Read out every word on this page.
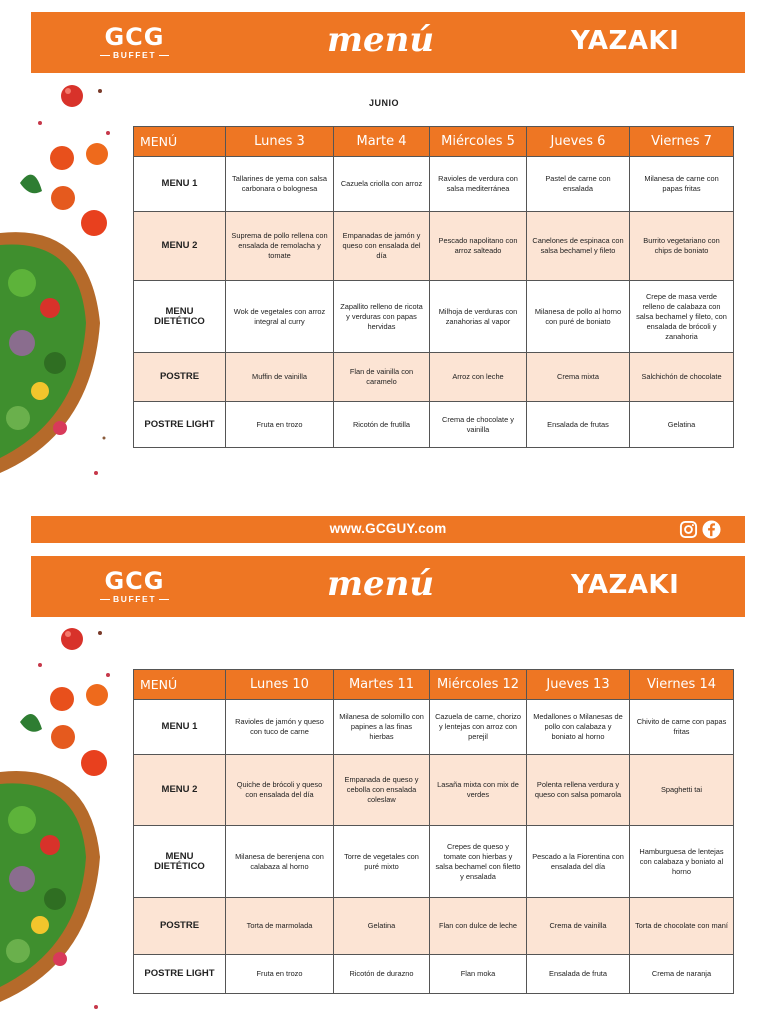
GCG
BUFFET	menú	YAZAKI
JUNIO
MENÚ	Lunes 3	Marte 4	Miércoles 5	Jueves 6	Viernes 7
MENU 1	Tallarines de yema con salsa carbonara o bolognesa	Cazuela criolla con arroz	Ravioles de verdura con salsa mediterránea	Pastel de carne con ensalada	Milanesa de carne con papas fritas
MENU 2	Suprema de pollo rellena con ensalada de remolacha y tomate	Empanadas de jamón y queso con ensalada del día	Pescado napolitano con arroz salteado	Canelones de espinaca con salsa bechamel y fileto	Burrito vegetariano con chips de boniato
MENU DIETÉTICO	Wok de vegetales con arroz integral al curry	Zapallito relleno de ricota y verduras con papas hervidas	Milhoja de verduras con zanahorias al vapor	Milanesa de pollo al horno con puré de boniato	Crepe de masa verde relleno de calabaza con salsa bechamel y fileto, con ensalada de brócoli y zanahoria
POSTRE	Muffin de vainilla	Flan de vainilla con caramelo	Arroz con leche	Crema mixta	Salchichón de chocolate
POSTRE LIGHT	Fruta en trozo	Ricotón de frutilla	Crema de chocolate y vainilla	Ensalada de frutas	Gelatina
www.GCGUY.com
GCG
BUFFET	menú	YAZAKI
MENÚ	Lunes 10	Martes 11	Miércoles 12	Jueves 13	Viernes 14
MENU 1	Ravioles de jamón y queso con tuco de carne	Milanesa de solomillo con papines a las finas hierbas	Cazuela de carne, chorizo y lentejas con arroz con perejil	Medallones o Milanesas de pollo con calabaza y boniato al horno	Chivito de carne con papas fritas
MENU 2	Quiche de brócoli y queso con ensalada del día	Empanada de queso y cebolla con ensalada coleslaw	Lasaña mixta con mix de verdes	Polenta rellena verdura y queso con salsa pomarola	Spaghetti tai
MENU DIETÉTICO	Milanesa de berenjena con calabaza al horno	Torre de vegetales con puré mixto	Crepes de queso y tomate con hierbas y salsa bechamel con filetto y ensalada	Pescado a la Fiorentina con ensalada del día	Hamburguesa de lentejas con calabaza y boniato al horno
POSTRE	Torta de marmolada	Gelatina	Flan con dulce de leche	Crema de vainilla	Torta de chocolate con maní
POSTRE LIGHT	Fruta en trozo	Ricotón de durazno	Flan moka	Ensalada de fruta	Crema de naranja
